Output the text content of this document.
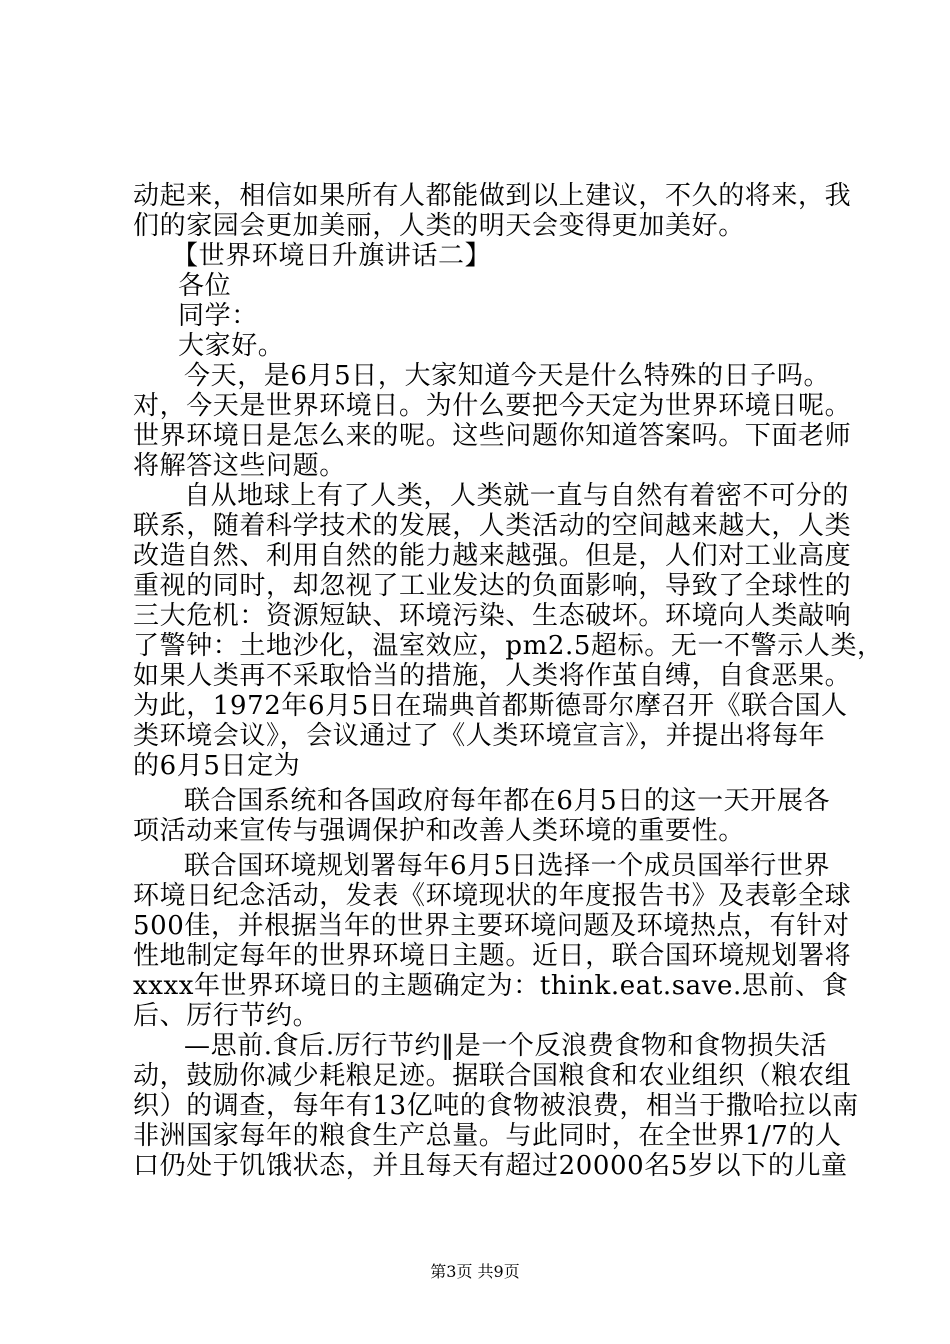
动起来，相信如果所有人都能做到以上建议，不久的将来，我
们的家园会更加美丽，人类的明天会变得更加美好。
【世界环境日升旗讲话二】
各位
同学：
大家好。
今天，是6月5日，大家知道今天是什么特殊的日子吗。
对，今天是世界环境日。为什么要把今天定为世界环境日呢。
世界环境日是怎么来的呢。这些问题你知道答案吗。下面老师
将解答这些问题。
自从地球上有了人类，人类就一直与自然有着密不可分的
联系，随着科学技术的发展，人类活动的空间越来越大，人类
改造自然、利用自然的能力越来越强。但是，人们对工业高度
重视的同时，却忽视了工业发达的负面影响，导致了全球性的
三大危机：资源短缺、环境污染、生态破坏。环境向人类敲响
了警钟：土地沙化，温室效应，pm2.5超标。无一不警示人类，
如果人类再不采取恰当的措施，人类将作茧自缚，自食恶果。
为此，1972年6月5日在瑞典首都斯德哥尔摩召开《联合国人
类环境会议》，会议通过了《人类环境宣言》，并提出将每年
的6月5日定为
联合国系统和各国政府每年都在6月5日的这一天开展各
项活动来宣传与强调保护和改善人类环境的重要性。
联合国环境规划署每年6月5日选择一个成员国举行世界
环境日纪念活动，发表《环境现状的年度报告书》及表彰全球
500佳，并根据当年的世界主要环境问题及环境热点，有针对
性地制定每年的世界环境日主题。近日，联合国环境规划署将
xxxx年世界环境日的主题确定为：think.eat.save.思前、食
后、厉行节约。
—思前.食后.厉行节约‖是一个反浪费食物和食物损失活
动，鼓励你减少耗粮足迹。据联合国粮食和农业组织（粮农组
织）的调查，每年有13亿吨的食物被浪费，相当于撒哈拉以南
非洲国家每年的粮食生产总量。与此同时，在全世界1/7的人
口仍处于饥饿状态，并且每天有超过20000名5岁以下的儿童
第3页 共9页
